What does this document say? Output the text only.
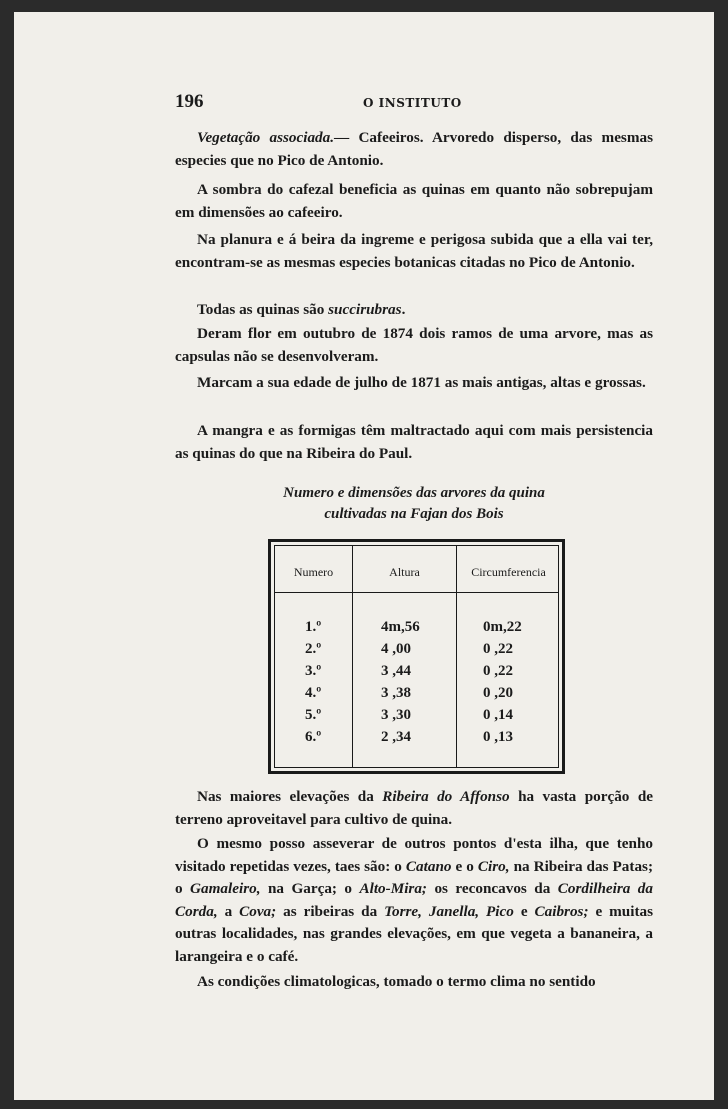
196	O INSTITUTO

Vegetação associada.— Cafeeiros. Arvoredo disperso, das mesmas especies que no Pico de Antonio.

A sombra do cafezal beneficia as quinas em quanto não sobrepujam em dimensões ao cafeeiro.

Na planura e á beira da ingreme e perigosa subida que a ella vai ter, encontram-se as mesmas especies botanicas citadas no Pico de Antonio.

Todas as quinas são succirubras.

Deram flor em outubro de 1874 dois ramos de uma arvore, mas as capsulas não se desenvolveram.

Marcam a sua edade de julho de 1871 as mais antigas, altas e grossas.

A mangra e as formigas têm maltractado aqui com mais persistencia as quinas do que na Ribeira do Paul.

Numero e dimensões das arvores da quina
cultivadas na Fajan dos Bois
Numero	Altura	Circumferencia
1.º	4m,56	0m,22
2.º	4 ,00	0 ,22
3.º	3 ,44	0 ,22
4.º	3 ,38	0 ,20
5.º	3 ,30	0 ,14
6.º	2 ,34	0 ,13

Nas maiores elevações da Ribeira do Affonso ha vasta porção de terreno aproveitavel para cultivo de quina.

O mesmo posso asseverar de outros pontos d'esta ilha, que tenho visitado repetidas vezes, taes são: o Catano e o Ciro, na Ribeira das Patas; o Gamaleiro, na Garça; o Alto-Mira; os reconcavos da Cordilheira da Corda, a Cova; as ribeiras da Torre, Janella, Pico e Caibros; e muitas outras localidades, nas grandes elevações, em que vegeta a bananeira, a larangeira e o café.

As condições climatologicas, tomado o termo clima no sentido
